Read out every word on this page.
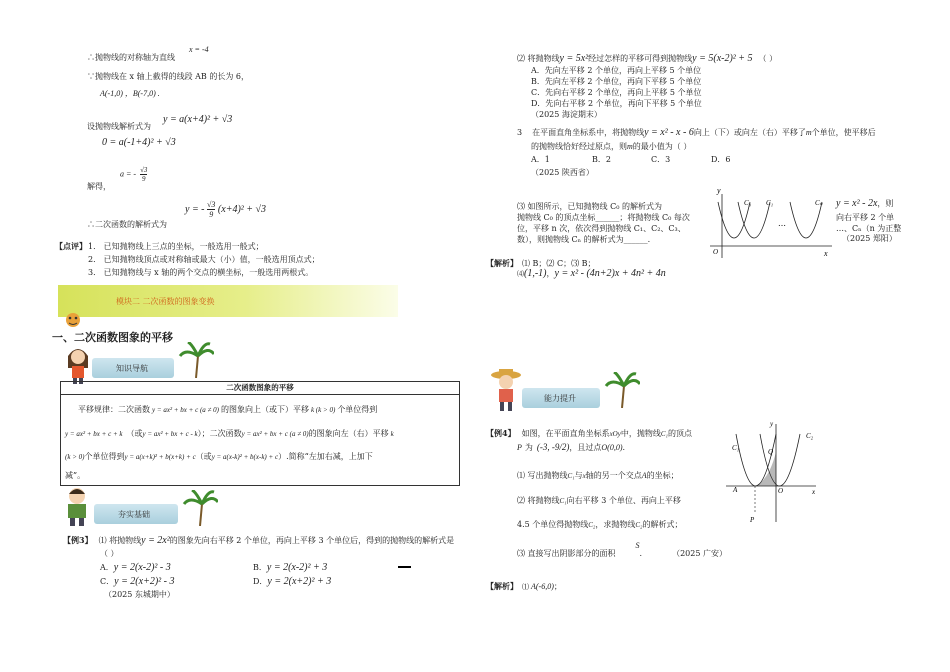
∴抛物线的对称轴为直线
x = -4
∵抛物线在 x 轴上截得的线段 AB 的长为 6，
A(-1,0) ，B(-7,0) .
设抛物线解析式为
y = a(x+4)² + √3
0 = a(-1+4)² + √3
a = - $\frac{√3}{9}$
解得，
y = - $\frac{√3}{9} (x+4)^2 + √3$
∴二次函数的解析式为
【点评】 1． 已知抛物线上三点的坐标，一般选用一般式；
2． 已知抛物线顶点或对称轴或最大（小）值，一般选用顶点式；
3． 已知抛物线与 x 轴的两个交点的横坐标，一般选用两根式。
模块二 二次函数的图象变换
一、二次函数图象的平移
知识导航
二次函数图象的平移
平移规律：二次函数 y = ax² + bx + c (a ≠ 0) 的图象向上（或下）平移 k (k > 0) 个单位得到
y = ax² + bx + c + k （或y = ax² + bx + c - k）；二次函数y = ax² + bx + c (a ≠ 0)的图象向左（右）平移 k
(k > 0)个单位得到y = a(x+k)² + b(x+k) + c（或y = a(x-k)² + b(x-k) + c）.简称“左加右减，上加下
减”。
夯实基础
【例3】 ⑴ 将抛物线y = 2x²的图象先向右平移 2 个单位，再向上平移 3 个单位后，得到的抛物线的解析式是
（ ）
A．y = 2(x-2)² - 3	B．y = 2(x-2)² + 3
C．y = 2(x+2)² - 3	D．y = 2(x+2)² + 3
（2025 东城期中）
⑵ 将抛物线y = 5x²经过怎样的平移可得到抛物线y = 5(x-2)² + 5 （ ）
A．先向左平移 2 个单位，再向上平移 5 个单位
B．先向左平移 2 个单位，再向下平移 5 个单位
C．先向右平移 2 个单位，再向上平移 5 个单位
D．先向右平移 2 个单位，再向下平移 5 个单位
（2025 海淀期末）
3 在平面直角坐标系中，将抛物线y = x² - x - 6向上（下）或向左（右）平移了m个单位，使平移后
的抛物线恰好经过原点，则m的最小值为（ ）
A．1	B．2	C．3	D．6
（2025 陕西省）
⑶ 如图所示，已知抛物线 C₀ 的解析式为
抛物线 C₀ 的顶点坐标______；将抛物线 C₀ 每次
位，平移 n 次，依次得到抛物线 C₁、C₂、C₃、
数），则抛物线 Cₙ 的解析式为______.
y
x
O
C₀ C₁
…
Cₙ y = x² - 2x，则
向右平移 2 个单
…、Cₙ（n 为正整
（2025 郑阳）
【解析】 ⑴ B；⑵ C；⑶ B；
⑷(1,-1)，y = x² - (4n+2)x + 4n² + 4n
能力提升
【例4】 如图，在平面直角坐标系xOy中，抛物线C₁的顶点
P 为 (-3, -9/2)，且过点O(0,0).
⑴ 写出抛物线C₁与x轴的另一个交点A的坐标；
⑵ 将抛物线C₁向右平移 3 个单位、再向上平移
4.5 个单位得抛物线C₂，求抛物线C₂的解析式；
⑶ 直接写出阴影部分的面积S.	（2025 广安）
【解析】 ⑴ A(-6,0)；
y
x
C₁
C₂
A	O
Q
P
